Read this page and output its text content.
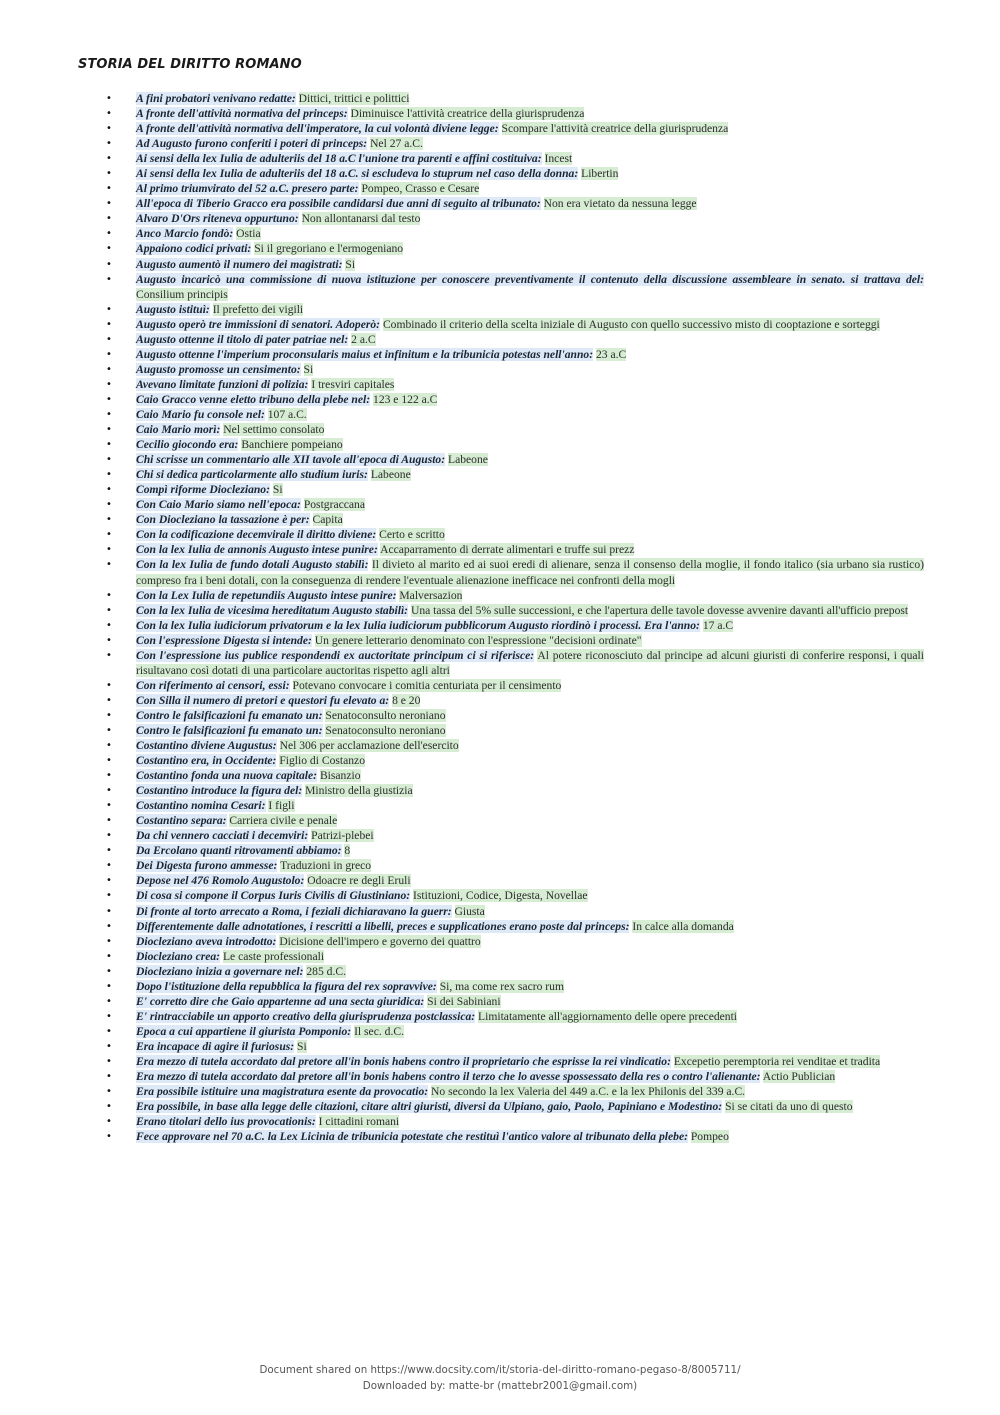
STORIA DEL DIRITTO ROMANO
• A fini probatori venivano redatte: Dittici, trittici e polittici
• A fronte dell'attività normativa del princeps: Diminuisce l'attività creatrice della giurisprudenza
• A fronte dell'attività normativa dell'imperatore, la cui volontà diviene legge: Scompare l'attività creatrice della giurisprudenza
• Ad Augusto furono conferiti i poteri di princeps: Nel 27 a.C.
• Ai sensi della lex Iulia de adulteriis del 18 a.C l'unione tra parenti e affini costituiva: Incest
• Ai sensi della lex Iulia de adulteriis del 18 a.C. si escludeva lo stuprum nel caso della donna: Libertin
• Al primo triumvirato del 52 a.C. presero parte: Pompeo, Crasso e Cesare
• All'epoca di Tiberio Gracco era possibile candidarsi due anni di seguito al tribunato: Non era vietato da nessuna legge
• Alvaro D'Ors riteneva oppurtuno: Non allontanarsi dal testo
• Anco Marcio fondò: Ostia
• Appaiono codici privati: Si il gregoriano e l'ermogeniano
• Augusto aumentò il numero dei magistrati: Si
• Augusto incaricò una commissione di nuova istituzione per conoscere preventivamente il contenuto della discussione assembleare in senato. si trattava del: Consilium principis
• Augusto istituì: Il prefetto dei vigili
• Augusto operò tre immissioni di senatori. Adoperò: Combinado il criterio della scelta iniziale di Augusto con quello successivo misto di cooptazione e sorteggi
• Augusto ottenne il titolo di pater patriae nel: 2 a.C
• Augusto ottenne l'imperium proconsularis maius et infinitum e la tribunicia potestas nell'anno: 23 a.C
• Augusto promosse un censimento: Si
• Avevano limitate funzioni di polizia: I tresviri capitales
• Caio Gracco venne eletto tribuno della plebe nel: 123 e 122 a.C
• Caio Mario fu console nel: 107 a.C.
• Caio Mario morì: Nel settimo consolato
• Cecilio giocondo era: Banchiere pompeiano
• Chi scrisse un commentario alle XII tavole all'epoca di Augusto: Labeone
• Chi si dedica particolarmente allo studium iuris: Labeone
• Compì riforme Diocleziano: Si
• Con Caio Mario siamo nell'epoca: Postgraccana
• Con Diocleziano la tassazione è per: Capita
• Con la codificazione decemvirale il diritto diviene: Certo e scritto
• Con la lex Iulia de annonis Augusto intese punire: Accaparramento di derrate alimentari e truffe sui prezz
• Con la lex Iulia de fundo dotali Augusto stabilì: Il divieto al marito ed ai suoi eredi di alienare, senza il consenso della moglie, il fondo italico (sia urbano sia rustico) compreso fra i beni dotali, con la conseguenza di rendere l'eventuale alienazione inefficace nei confronti della mogli
• Con la Lex Iulia de repetundiis Augusto intese punire: Malversazion
• Con la lex Iulia de vicesima hereditatum Augusto stabilì: Una tassa del 5% sulle successioni, e che l'apertura delle tavole dovesse avvenire davanti all'ufficio prepost
• Con la lex Iulia iudiciorum privatorum e la lex Iulia iudiciorum pubblicorum Augusto riordinò i processi. Era l'anno: 17 a.C
• Con l'espressione Digesta si intende: Un genere letterario denominato con l'espressione "decisioni ordinate"
• Con l'espressione ius publice respondendi ex auctoritate principum ci si riferisce: Al potere riconosciuto dal principe ad alcuni giuristi di conferire responsi, i quali risultavano così dotati di una particolare auctoritas rispetto agli altri
• Con riferimento ai censori, essi: Potevano convocare i comitia centuriata per il censimento
• Con Silla il numero di pretori e questori fu elevato a: 8 e 20
• Contro le falsificazioni fu emanato un: Senatoconsulto neroniano
• Contro le falsificazioni fu emanato un: Senatoconsulto neroniano
• Costantino diviene Augustus: Nel 306 per acclamazione dell'esercito
• Costantino era, in Occidente: Figlio di Costanzo
• Costantino fonda una nuova capitale: Bisanzio
• Costantino introduce la figura del: Ministro della giustizia
• Costantino nomina Cesari: I figli
• Costantino separa: Carriera civile e penale
• Da chi vennero cacciati i decemviri: Patrizi-plebei
• Da Ercolano quanti ritrovamenti abbiamo: 8
• Dei Digesta furono ammesse: Traduzioni in greco
• Depose nel 476 Romolo Augustolo: Odoacre re degli Eruli
• Di cosa si compone il Corpus Iuris Civilis di Giustiniano: Istituzioni, Codice, Digesta, Novellae
• Di fronte al torto arrecato a Roma, i feziali dichiaravano la guerr: Giusta
• Differentemente dalle adnotationes, i rescritti a libelli, preces e supplicationes erano poste dal princeps: In calce alla domanda
• Diocleziano aveva introdotto: Dicisione dell'impero e governo dei quattro
• Diocleziano crea: Le caste professionali
• Diocleziano inizia a governare nel: 285 d.C.
• Dopo l'istituzione della repubblica la figura del rex sopravvive: Si, ma come rex sacro rum
• E' corretto dire che Gaio appartenne ad una secta giuridica: Si dei Sabiniani
• E' rintracciabile un apporto creativo della giurisprudenza postclassica: Limitatamente all'aggiornamento delle opere precedenti
• Epoca a cui appartiene il giurista Pomponio: Il sec. d.C.
• Era incapace di agire il furiosus: Si
• Era mezzo di tutela accordato dal pretore all'in bonis habens contro il proprietario che esprisse la rei vindicatio: Excepetio peremptoria rei venditae et tradita
• Era mezzo di tutela accordato dal pretore all'in bonis habens contro il terzo che lo avesse spossessato della res o contro l'alienante: Actio Publician
• Era possibile istituire una magistratura esente da provocatio: No secondo la lex Valeria del 449 a.C. e la lex Philonis del 339 a.C.
• Era possibile, in base alla legge delle citazioni, citare altri giuristi, diversi da Ulpiano, gaio, Paolo, Papiniano e Modestino: Si se citati da uno di questo
• Erano titolari dello ius provocationis: I cittadini romani
• Fece approvare nel 70 a.C. la Lex Licinia de tribunicia potestate che restituì l'antico valore al tribunato della plebe: Pompeo
Document shared on https://www.docsity.com/it/storia-del-diritto-romano-pegaso-8/8005711/
Downloaded by: matte-br (mattebr2001@gmail.com)
